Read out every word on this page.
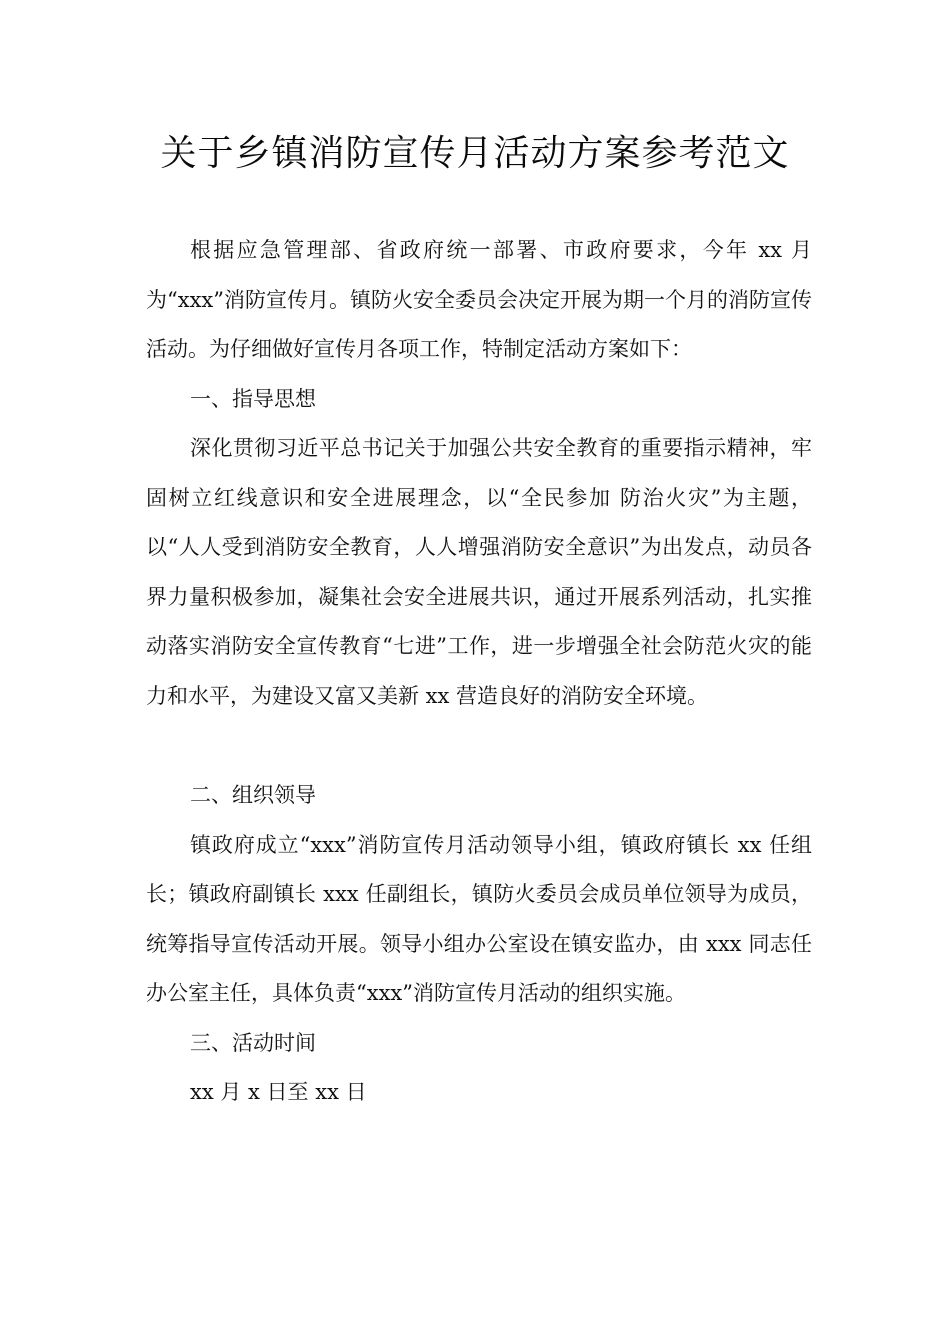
关于乡镇消防宣传月活动方案参考范文

根据应急管理部、省政府统一部署、市政府要求，今年 xx 月为“xxx”消防宣传月。镇防火安全委员会决定开展为期一个月的消防宣传活动。为仔细做好宣传月各项工作，特制定活动方案如下：

一、指导思想

深化贯彻习近平总书记关于加强公共安全教育的重要指示精神，牢固树立红线意识和安全进展理念，以“全民参加 防治火灾”为主题，以“人人受到消防安全教育，人人增强消防安全意识”为出发点，动员各界力量积极参加，凝集社会安全进展共识，通过开展系列活动，扎实推动落实消防安全宣传教育“七进”工作，进一步增强全社会防范火灾的能力和水平，为建设又富又美新 xx 营造良好的消防安全环境。

二、组织领导

镇政府成立“xxx”消防宣传月活动领导小组，镇政府镇长 xx 任组长；镇政府副镇长 xxx 任副组长，镇防火委员会成员单位领导为成员，统筹指导宣传活动开展。领导小组办公室设在镇安监办，由 xxx 同志任办公室主任，具体负责“xxx”消防宣传月活动的组织实施。

三、活动时间

xx 月 x 日至 xx 日
